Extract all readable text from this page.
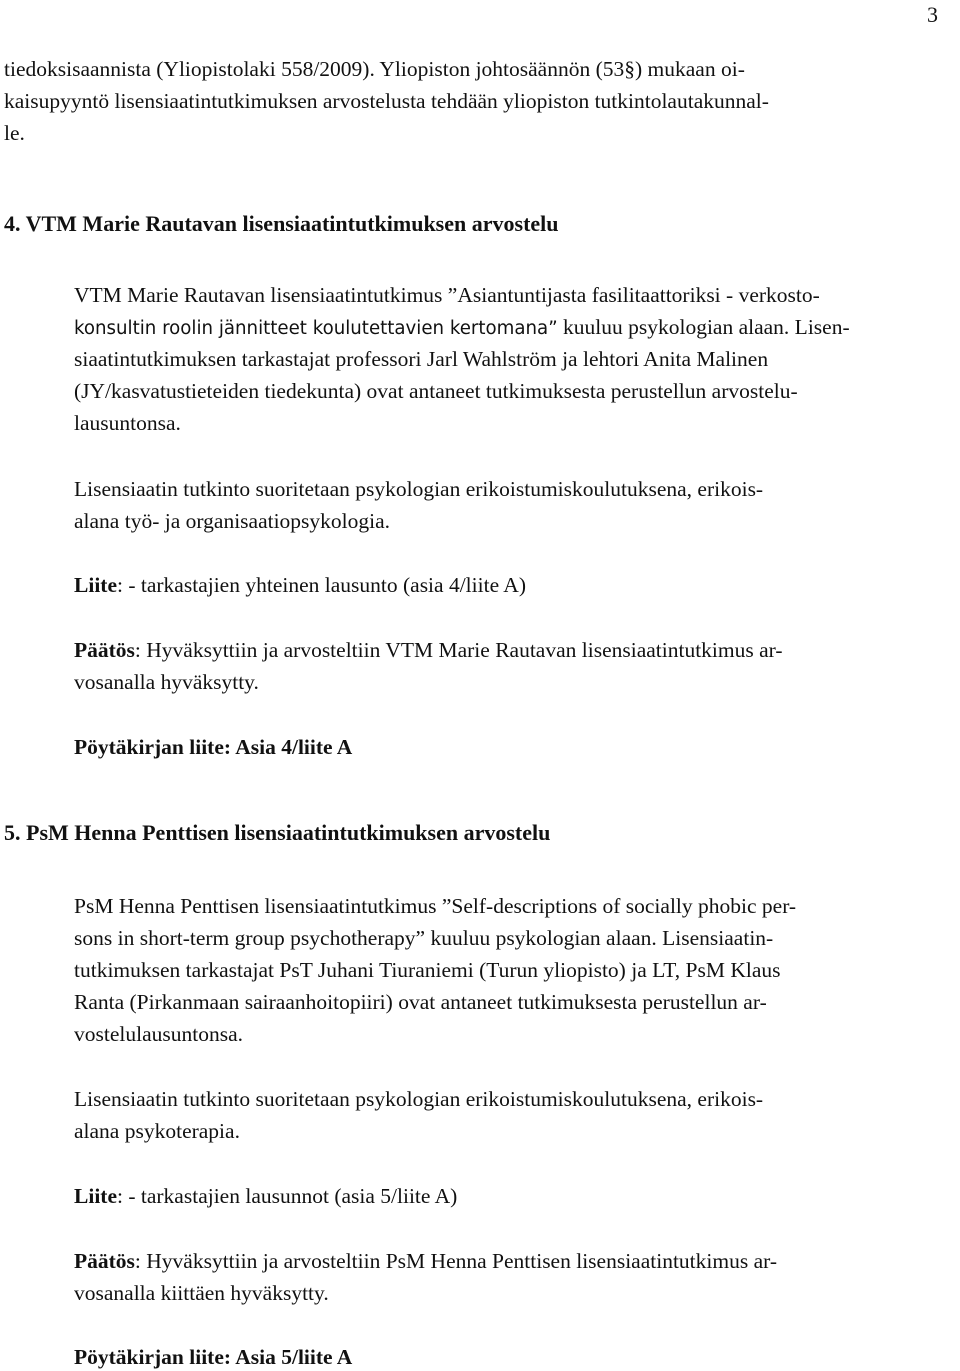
3
tiedoksisaannista (Yliopistolaki 558/2009). Yliopiston johtosäännön (53§) mukaan oi-
kaisupyyntö lisensiaatintutkimuksen arvostelusta tehdään yliopiston tutkintolautakunnal-
le.
4. VTM Marie Rautavan lisensiaatintutkimuksen arvostelu
VTM Marie Rautavan lisensiaatintutkimus ”Asiantuntijasta fasilitaattoriksi - verkosto-
konsultin roolin jännitteet koulutettavien kertomana” kuuluu psykologian alaan. Lisen-
siaatintutkimuksen tarkastajat professori Jarl Wahlström ja lehtori Anita Malinen
(JY/kasvatustieteiden tiedekunta) ovat antaneet tutkimuksesta perustellun arvostelu-
lausuntonsa.
Lisensiaatin tutkinto suoritetaan psykologian erikoistumiskoulutuksena, erikois-
alana työ- ja organisaatiopsykologia.
Liite: - tarkastajien yhteinen lausunto (asia 4/liite A)
Päätös: Hyväksyttiin ja arvosteltiin VTM Marie Rautavan lisensiaatintutkimus ar-
vosanalla hyväksytty.
Pöytäkirjan liite: Asia 4/liite A
5. PsM Henna Penttisen lisensiaatintutkimuksen arvostelu
PsM Henna Penttisen lisensiaatintutkimus ”Self-descriptions of socially phobic per-
sons in short-term group psychotherapy” kuuluu psykologian alaan. Lisensiaatin-
tutkimuksen tarkastajat PsT Juhani Tiuraniemi (Turun yliopisto) ja LT, PsM Klaus
Ranta (Pirkanmaan sairaanhoitopiiri) ovat antaneet tutkimuksesta perustellun ar-
vostelulausuntonsa.
Lisensiaatin tutkinto suoritetaan psykologian erikoistumiskoulutuksena, erikois-
alana psykoterapia.
Liite: - tarkastajien lausunnot (asia 5/liite A)
Päätös: Hyväksyttiin ja arvosteltiin PsM Henna Penttisen lisensiaatintutkimus ar-
vosanalla kiittäen hyväksytty.
Pöytäkirjan liite: Asia 5/liite A
